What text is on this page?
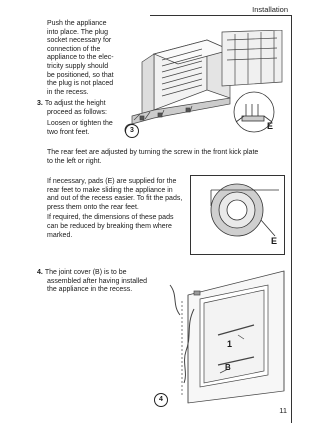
Installation
Push the appliance
into place. The plug
socket necessary for
connection of the
appliance to the elec-
tricity supply should
be positioned, so that
the plug is not placed
in the recess.
3. To adjust the height
proceed as follows:
Loosen or tighten the
two front feet.
The rear feet are adjusted by turning the screw in the front kick plate
to the left or right.
3	E
If necessary, pads (E) are supplied for the
rear feet to make sliding the appliance in
and out of the recess easier. To fit the pads,
press them onto the rear feet.
If required, the dimensions of these pads
can be reduced by breaking them where
marked.
E
4. The joint cover (B) is to be
assembled after having installed
the appliance in the recess.
1
B
4
11
